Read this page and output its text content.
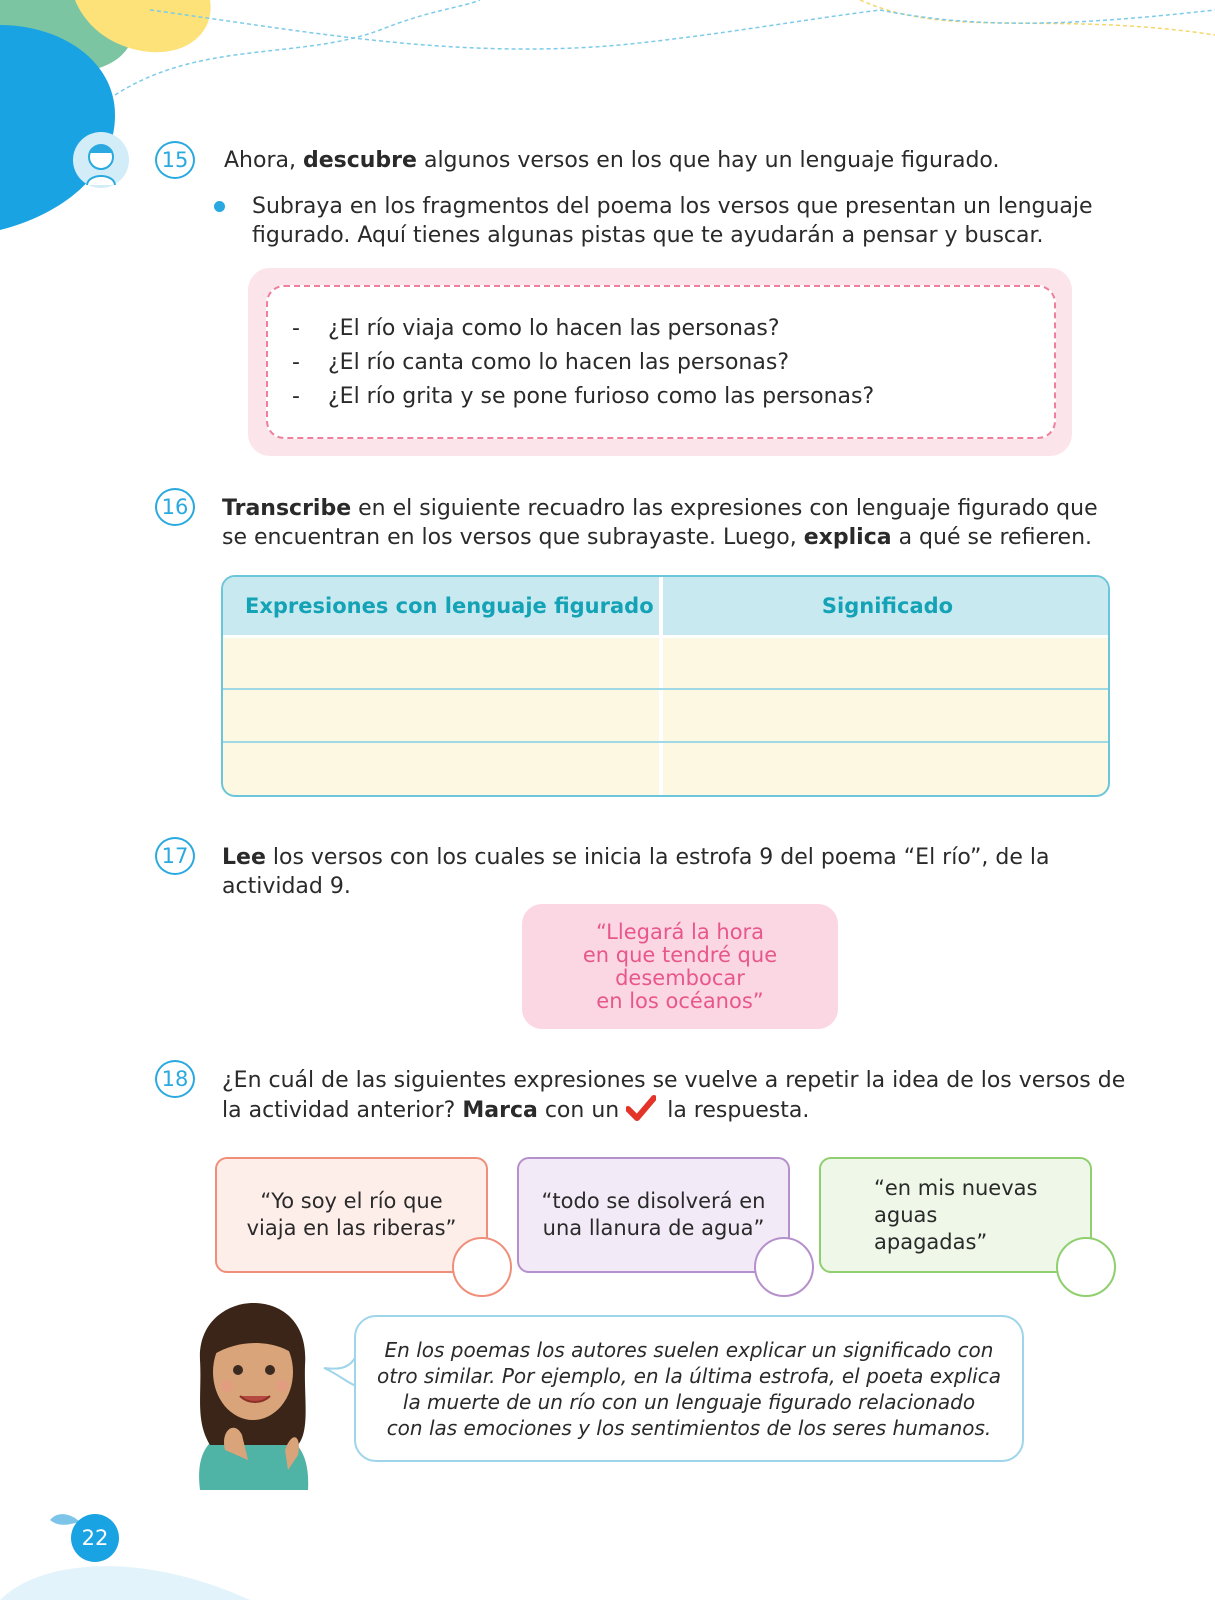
15	Ahora, descubre algunos versos en los que hay un lenguaje figurado.
Subraya en los fragmentos del poema los versos que presentan un lenguaje
figurado. Aquí tienes algunas pistas que te ayudarán a pensar y buscar.
- ¿El río viaja como lo hacen las personas?
- ¿El río canta como lo hacen las personas?
- ¿El río grita y se pone furioso como las personas?
16	Transcribe en el siguiente recuadro las expresiones con lenguaje figurado que
se encuentran en los versos que subrayaste. Luego, explica a qué se refieren.
Expresiones con lenguaje figurado	Significado
17	Lee los versos con los cuales se inicia la estrofa 9 del poema “El río”, de la
actividad 9.
“Llegará la hora
en que tendré que
desembocar
en los océanos”
18	¿En cuál de las siguientes expresiones se vuelve a repetir la idea de los versos de
la actividad anterior? Marca con un  la respuesta.
“Yo soy el río que
viaja en las riberas”
“todo se disolverá en
una llanura de agua”
“en mis nuevas
aguas
apagadas”
En los poemas los autores suelen explicar un significado con
otro similar. Por ejemplo, en la última estrofa, el poeta explica
la muerte de un río con un lenguaje figurado relacionado
con las emociones y los sentimientos de los seres humanos.
22
